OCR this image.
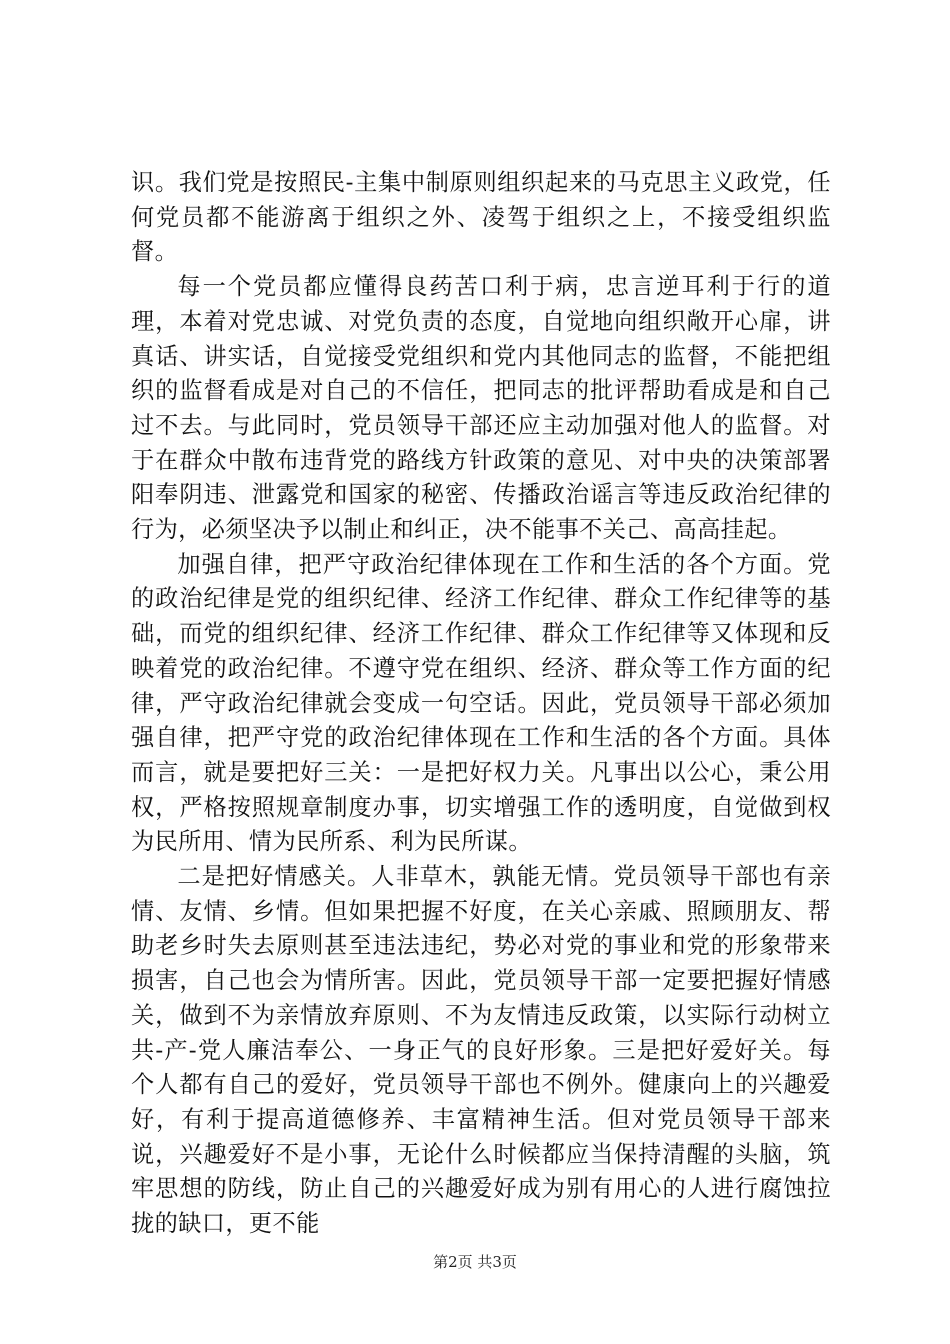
识。我们党是按照民-主集中制原则组织起来的马克思主义政党，任何党员都不能游离于组织之外、凌驾于组织之上，不接受组织监督。

每一个党员都应懂得良药苦口利于病，忠言逆耳利于行的道理，本着对党忠诚、对党负责的态度，自觉地向组织敞开心扉，讲真话、讲实话，自觉接受党组织和党内其他同志的监督，不能把组织的监督看成是对自己的不信任，把同志的批评帮助看成是和自己过不去。与此同时，党员领导干部还应主动加强对他人的监督。对于在群众中散布违背党的路线方针政策的意见、对中央的决策部署阳奉阴违、泄露党和国家的秘密、传播政治谣言等违反政治纪律的行为，必须坚决予以制止和纠正，决不能事不关己、高高挂起。

加强自律，把严守政治纪律体现在工作和生活的各个方面。党的政治纪律是党的组织纪律、经济工作纪律、群众工作纪律等的基础，而党的组织纪律、经济工作纪律、群众工作纪律等又体现和反映着党的政治纪律。不遵守党在组织、经济、群众等工作方面的纪律，严守政治纪律就会变成一句空话。因此，党员领导干部必须加强自律，把严守党的政治纪律体现在工作和生活的各个方面。具体而言，就是要把好三关：一是把好权力关。凡事出以公心，秉公用权，严格按照规章制度办事，切实增强工作的透明度，自觉做到权为民所用、情为民所系、利为民所谋。

二是把好情感关。人非草木，孰能无情。党员领导干部也有亲情、友情、乡情。但如果把握不好度，在关心亲戚、照顾朋友、帮助老乡时失去原则甚至违法违纪，势必对党的事业和党的形象带来损害，自己也会为情所害。因此，党员领导干部一定要把握好情感关，做到不为亲情放弃原则、不为友情违反政策，以实际行动树立共-产-党人廉洁奉公、一身正气的良好形象。三是把好爱好关。每个人都有自己的爱好，党员领导干部也不例外。健康向上的兴趣爱好，有利于提高道德修养、丰富精神生活。但对党员领导干部来说，兴趣爱好不是小事，无论什么时候都应当保持清醒的头脑，筑牢思想的防线，防止自己的兴趣爱好成为别有用心的人进行腐蚀拉拢的缺口，更不能

第2页 共3页
